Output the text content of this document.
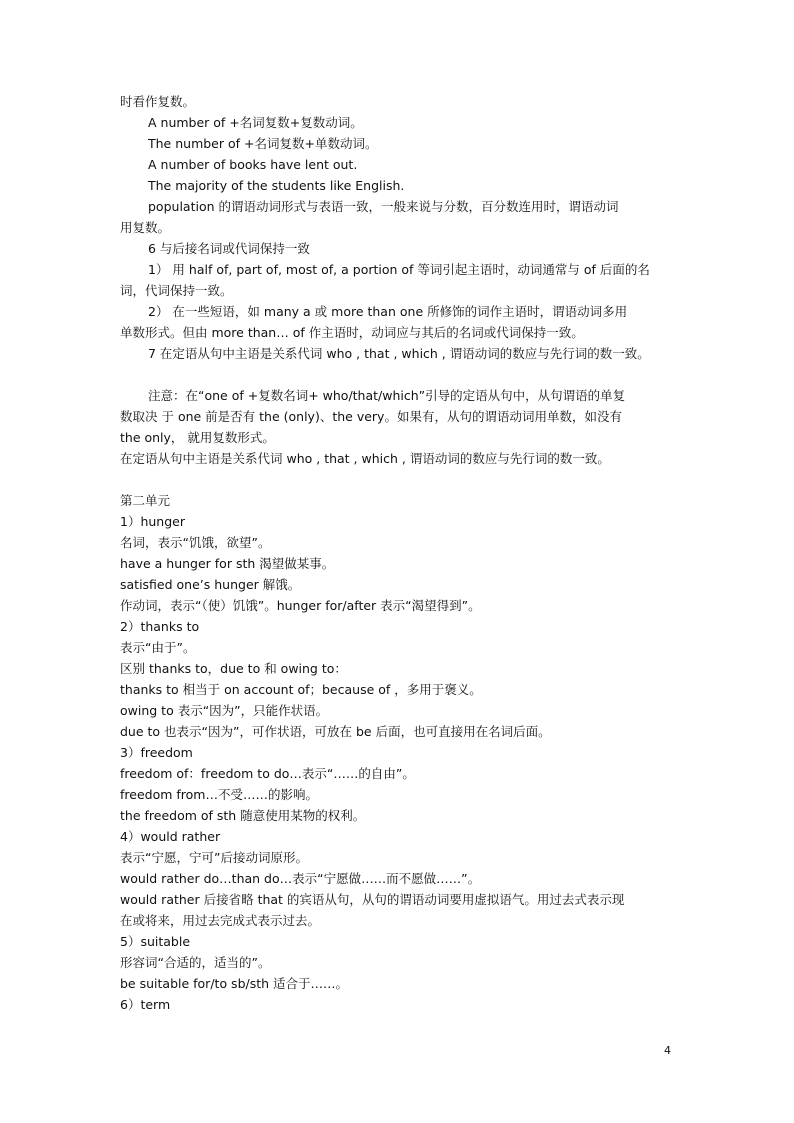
时看作复数。
A number of +名词复数+复数动词。
The number of +名词复数+单数动词。
A number of books have lent out.
The majority of the students like English.
population 的谓语动词形式与表语一致，一般来说与分数，百分数连用时，谓语动词
用复数。
6 与后接名词或代词保持一致
1） 用 half of, part of, most of, a portion of 等词引起主语时，动词通常与 of 后面的名
词，代词保持一致。
2） 在一些短语，如 many a 或 more than one 所修饰的词作主语时，谓语动词多用
单数形式。但由 more than… of 作主语时，动词应与其后的名词或代词保持一致。
7 在定语从句中主语是关系代词 who , that , which , 谓语动词的数应与先行词的数一致。
注意：在“one of +复数名词+ who/that/which”引导的定语从句中，从句谓语的单复
数取决 于 one 前是否有 the (only)、the very。如果有，从句的谓语动词用单数，如没有
the only， 就用复数形式。
在定语从句中主语是关系代词 who , that , which , 谓语动词的数应与先行词的数一致。
第二单元
1）hunger
名词，表示“饥饿，欲望”。
have a hunger for sth 渴望做某事。
satisfied one’s hunger 解饿。
作动词，表示“（使）饥饿”。hunger for/after 表示“渴望得到”。
2）thanks to
表示“由于”。
区别 thanks to，due to 和 owing to：
thanks to 相当于 on account of；because of ，多用于褒义。
owing to 表示“因为”，只能作状语。
due to 也表示“因为”，可作状语，可放在 be 后面，也可直接用在名词后面。
3）freedom
freedom of：freedom to do…表示“……的自由”。
freedom from…不受……的影响。
the freedom of sth 随意使用某物的权利。
4）would rather
表示“宁愿，宁可”后接动词原形。
would rather do…than do…表示“宁愿做……而不愿做……”。
would rather 后接省略 that 的宾语从句，从句的谓语动词要用虚拟语气。用过去式表示现
在或将来，用过去完成式表示过去。
5）suitable
形容词“合适的，适当的”。
be suitable for/to sb/sth 适合于……。
6）term
4
